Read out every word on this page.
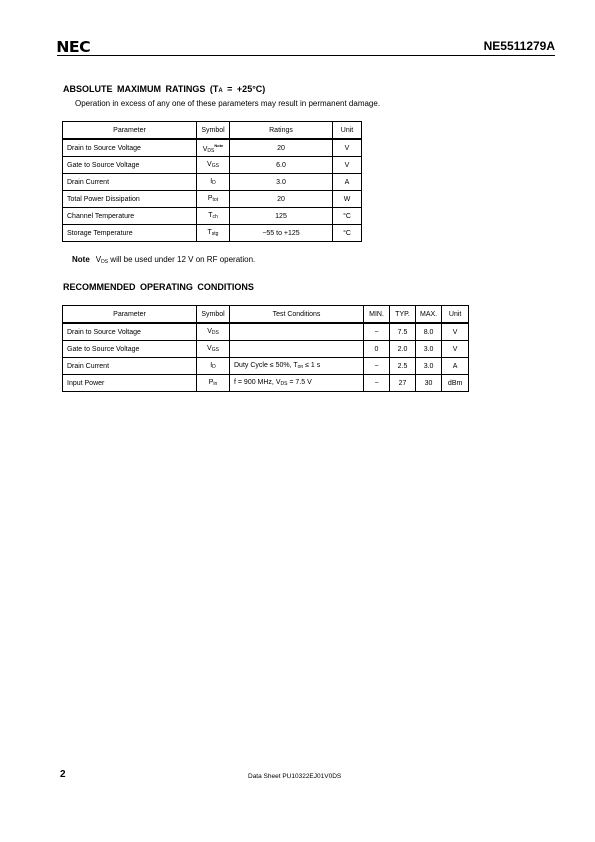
NEC	NE5511279A
ABSOLUTE MAXIMUM RATINGS (TA = +25°C)
Operation in excess of any one of these parameters may result in permanent damage.
Parameter	Symbol	Ratings	Unit
Drain to Source Voltage	$VDS^{Note}$	20	V
Gate to Source Voltage	VGS	6.0	V
Drain Current	ID	3.0	A
Total Power Dissipation	Ptot	20	W
Channel Temperature	Tch	125	°C
Storage Temperature	Tstg	−55 to +125	°C
Note VDS will be used under 12 V on RF operation.
RECOMMENDED OPERATING CONDITIONS
Parameter	Symbol	Test Conditions	MIN.	TYP.	MAX.	Unit
Drain to Source Voltage	VDS		−	7.5	8.0	V
Gate to Source Voltage	VGS		0	2.0	3.0	V
Drain Current	ID	Duty Cycle ≤ 50%, Ton ≤ 1 s	−	2.5	3.0	A
Input Power	Pin	f = 900 MHz, VDS = 7.5 V	−	27	30	dBm
2	Data Sheet PU10322EJ01V0DS
